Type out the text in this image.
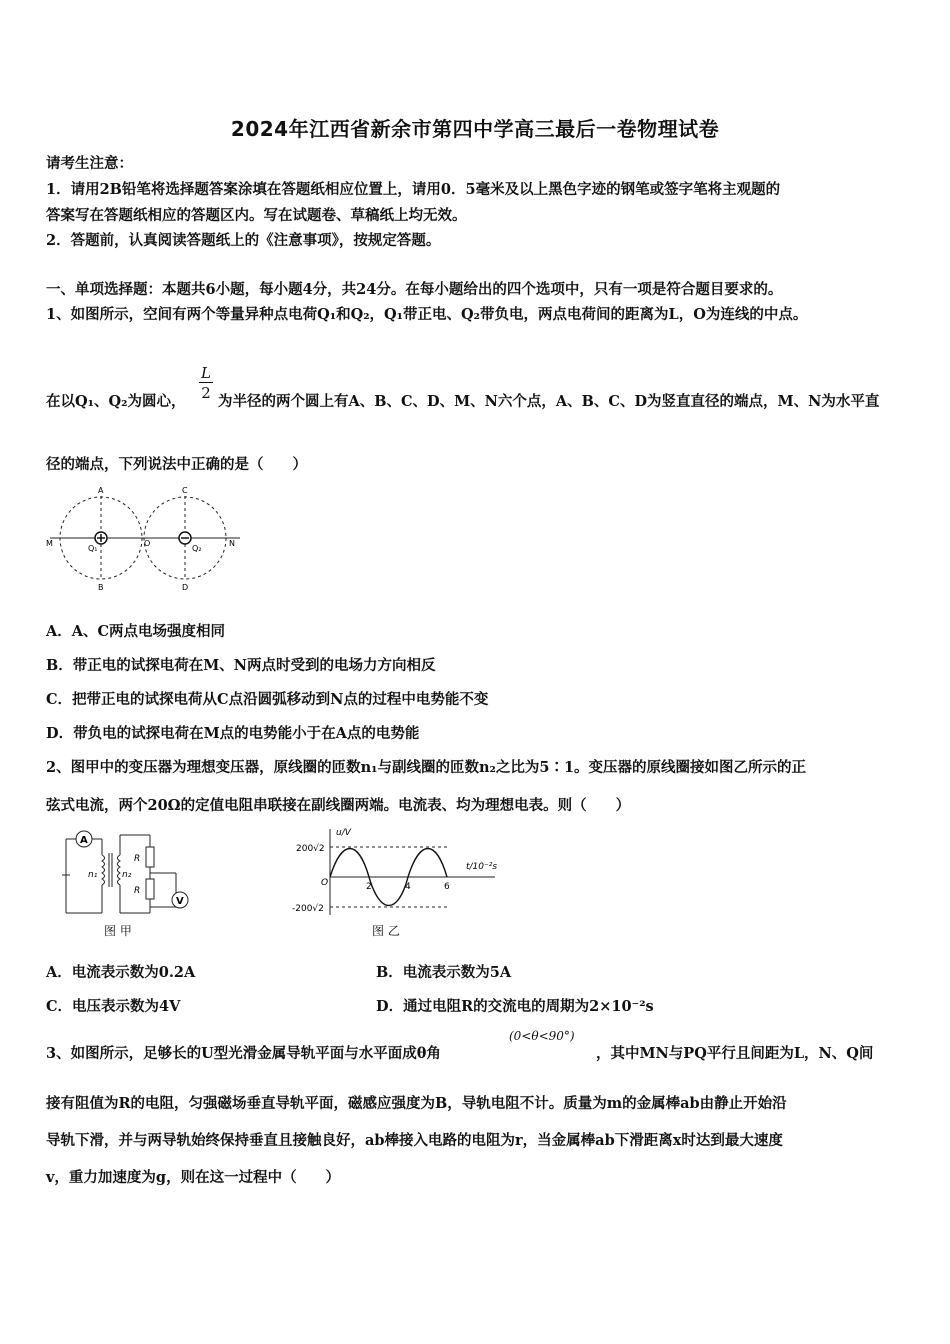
2024年江西省新余市第四中学高三最后一卷物理试卷
请考生注意：
1．请用2B铅笔将选择题答案涂填在答题纸相应位置上，请用0．5毫米及以上黑色字迹的钢笔或签字笔将主观题的
答案写在答题纸相应的答题区内。写在试题卷、草稿纸上均无效。
2．答题前，认真阅读答题纸上的《注意事项》，按规定答题。
一、单项选择题：本题共6小题，每小题4分，共24分。在每小题给出的四个选项中，只有一项是符合题目要求的。
1、如图所示，空间有两个等量异种点电荷Q₁和Q₂，Q₁带正电、Q₂带负电，两点电荷间的距离为L，O为连线的中点。
在以Q₁、Q₂为圆心，
L
2 为半径的两个圆上有A、B、C、D、M、N六个点，A、B、C、D为竖直直径的端点，M、N为水平直
径的端点，下列说法中正确的是（　　）
A
B
C
D
M	N
O
Q₁	Q₂
A．A、C两点电场强度相同
B．带正电的试探电荷在M、N两点时受到的电场力方向相反
C．把带正电的试探电荷从C点沿圆弧移动到N点的过程中电势能不变
D．带负电的试探电荷在M点的电势能小于在A点的电势能
2、图甲中的变压器为理想变压器，原线圈的匝数n₁与副线圈的匝数n₂之比为5∶1。变压器的原线圈接如图乙所示的正
弦式电流，两个20Ω的定值电阻串联接在副线圈两端。电流表、均为理想电表。则（　　）
A
n₁	n₂
R
R
V
图 甲
u/V
t/10⁻²s
200√2
-200√2
O	2	4	6
图 乙
A．电流表示数为0.2A	B．电流表示数为5A
C．电压表示数为4V	D．通过电阻R的交流电的周期为2×10⁻²s
3、如图所示，足够长的U型光滑金属导轨平面与水平面成θ角
(0<θ<90°)
，其中MN与PQ平行且间距为L，N、Q间
接有阻值为R的电阻，匀强磁场垂直导轨平面，磁感应强度为B，导轨电阻不计。质量为m的金属棒ab由静止开始沿
导轨下滑，并与两导轨始终保持垂直且接触良好，ab棒接入电路的电阻为r，当金属棒ab下滑距离x时达到最大速度
v，重力加速度为g，则在这一过程中（　　）
